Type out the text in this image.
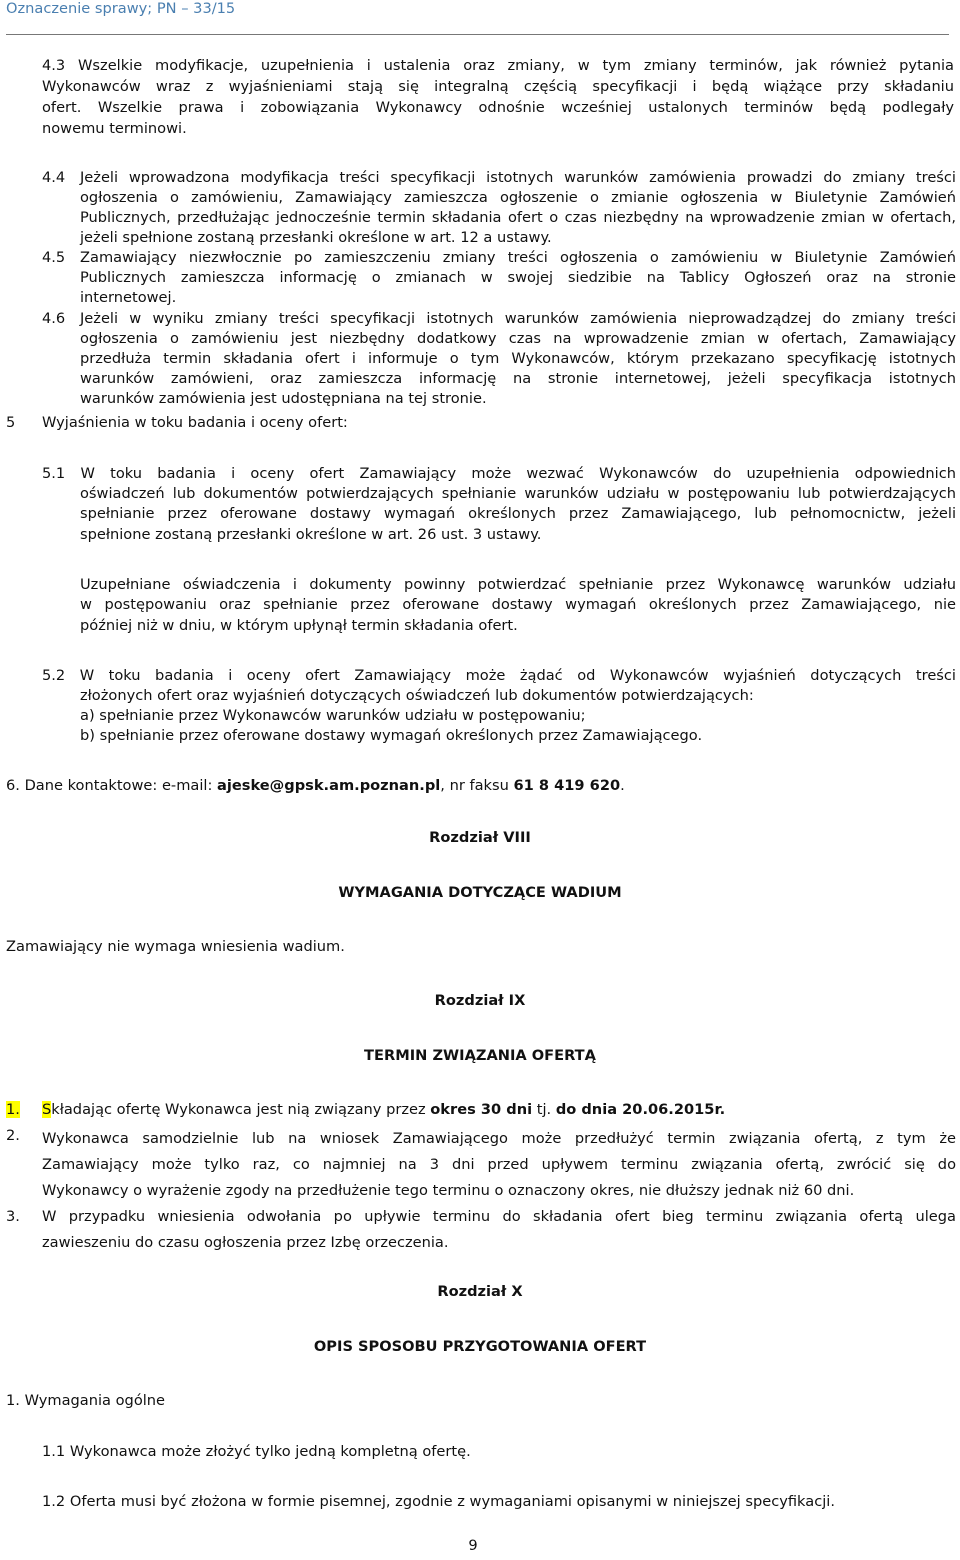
Oznaczenie sprawy; PN – 33/15
4.3 Wszelkie modyfikacje, uzupełnienia i ustalenia oraz zmiany, w tym zmiany terminów, jak również pytania
Wykonawców wraz z wyjaśnieniami stają się integralną częścią specyfikacji i będą wiążące przy składaniu
ofert. Wszelkie prawa i zobowiązania Wykonawcy odnośnie wcześniej ustalonych terminów będą podlegały
nowemu terminowi.
4.4 Jeżeli wprowadzona modyfikacja treści specyfikacji istotnych warunków zamówienia prowadzi do zmiany treści
ogłoszenia o zamówieniu, Zamawiający zamieszcza ogłoszenie o zmianie ogłoszenia w Biuletynie Zamówień
Publicznych, przedłużając jednocześnie termin składania ofert o czas niezbędny na wprowadzenie zmian w ofertach,
jeżeli spełnione zostaną przesłanki określone w art. 12 a ustawy.
4.5 Zamawiający niezwłocznie po zamieszczeniu zmiany treści ogłoszenia o zamówieniu w Biuletynie Zamówień
Publicznych zamieszcza informację o zmianach w swojej siedzibie na Tablicy Ogłoszeń oraz na stronie
internetowej.
4.6 Jeżeli w wyniku zmiany treści specyfikacji istotnych warunków zamówienia nieprowadządzej do zmiany treści
ogłoszenia o zamówieniu jest niezbędny dodatkowy czas na wprowadzenie zmian w ofertach, Zamawiający
przedłuża termin składania ofert i informuje o tym Wykonawców, którym przekazano specyfikację istotnych
warunków zamówieni, oraz zamieszcza informację na stronie internetowej, jeżeli specyfikacja istotnych
warunków zamówienia jest udostępniana na tej stronie.
5 Wyjaśnienia w toku badania i oceny ofert:
5.1 W toku badania i oceny ofert Zamawiający może wezwać Wykonawców do uzupełnienia odpowiednich
oświadczeń lub dokumentów potwierdzających spełnianie warunków udziału w postępowaniu lub potwierdzających
spełnianie przez oferowane dostawy wymagań określonych przez Zamawiającego, lub pełnomocnictw, jeżeli
spełnione zostaną przesłanki określone w art. 26 ust. 3 ustawy.
Uzupełniane oświadczenia i dokumenty powinny potwierdzać spełnianie przez Wykonawcę warunków udziału
w postępowaniu oraz spełnianie przez oferowane dostawy wymagań określonych przez Zamawiającego, nie
później niż w dniu, w którym upłynął termin składania ofert.
5.2 W toku badania i oceny ofert Zamawiający może żądać od Wykonawców wyjaśnień dotyczących treści
złożonych ofert oraz wyjaśnień dotyczących oświadczeń lub dokumentów potwierdzających:
a) spełnianie przez Wykonawców warunków udziału w postępowaniu;
b) spełnianie przez oferowane dostawy wymagań określonych przez Zamawiającego.
6. Dane kontaktowe: e-mail: ajeske@gpsk.am.poznan.pl, nr faksu 61 8 419 620.
Rozdział VIII
WYMAGANIA DOTYCZĄCE WADIUM
Zamawiający nie wymaga wniesienia wadium.
Rozdział IX
TERMIN ZWIĄZANIA OFERTĄ
1. Składając ofertę Wykonawca jest nią związany przez okres 30 dni tj. do dnia 20.06.2015r.
2. Wykonawca samodzielnie lub na wniosek Zamawiającego może przedłużyć termin związania ofertą, z tym że
Zamawiający może tylko raz, co najmniej na 3 dni przed upływem terminu związania ofertą, zwrócić się do
Wykonawcy o wyrażenie zgody na przedłużenie tego terminu o oznaczony okres, nie dłuższy jednak niż 60 dni.
3. W przypadku wniesienia odwołania po upływie terminu do składania ofert bieg terminu związania ofertą ulega
zawieszeniu do czasu ogłoszenia przez Izbę orzeczenia.
Rozdział X
OPIS SPOSOBU PRZYGOTOWANIA OFERT
1. Wymagania ogólne
1.1 Wykonawca może złożyć tylko jedną kompletną ofertę.
1.2 Oferta musi być złożona w formie pisemnej, zgodnie z wymaganiami opisanymi w niniejszej specyfikacji.
9
